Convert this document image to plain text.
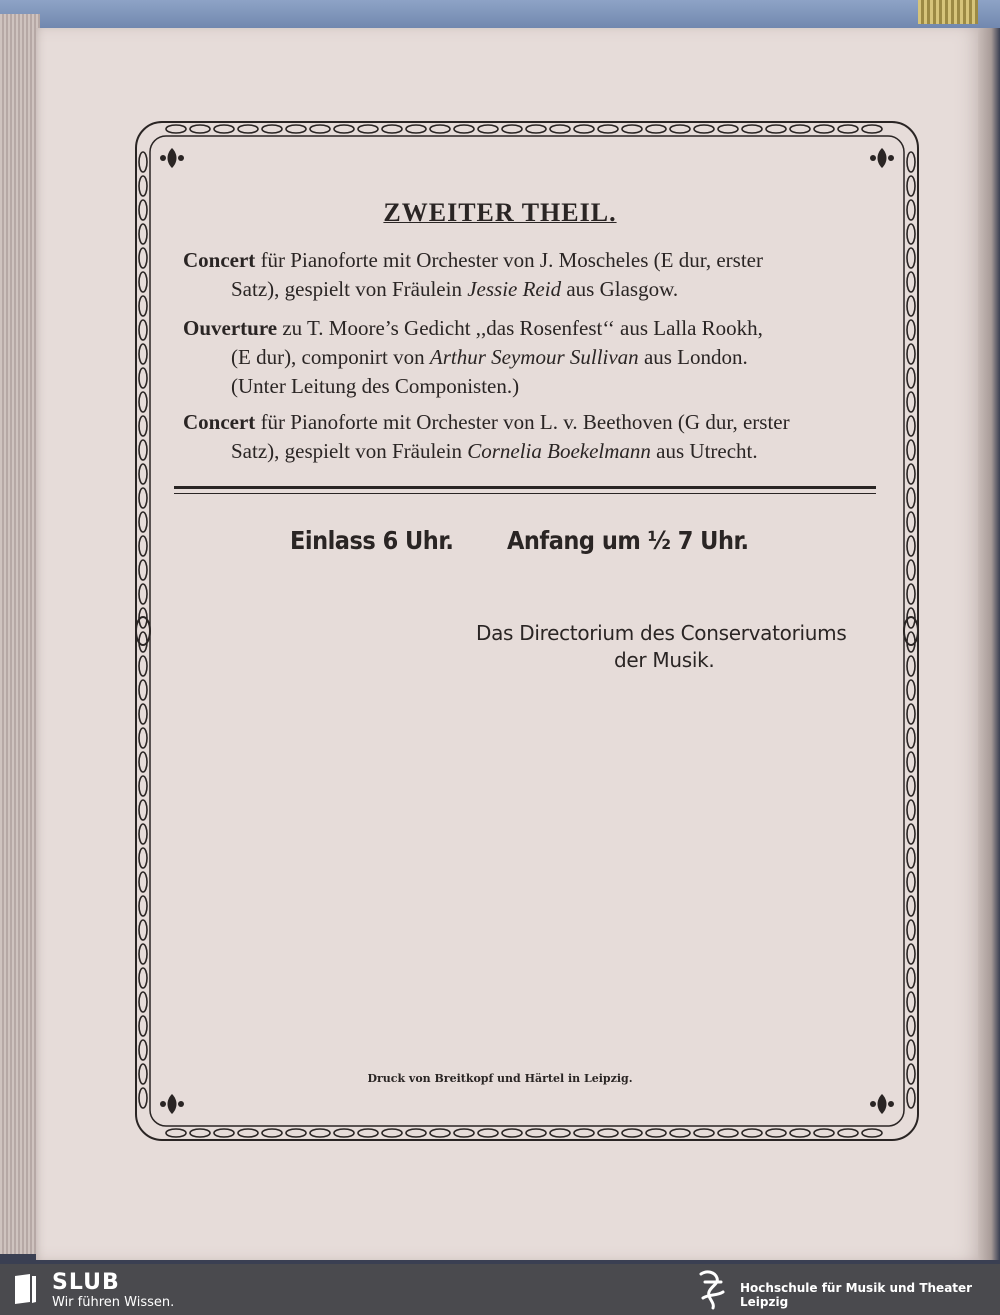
ZWEITER THEIL.
Concert für Pianoforte mit Orchester von J. Moscheles (E dur, erster
Satz), gespielt von Fräulein Jessie Reid aus Glasgow.
Ouverture zu T. Moore’s Gedicht ,,das Rosenfest‘‘ aus Lalla Rookh,
(E dur), componirt von Arthur Seymour Sullivan aus London.
(Unter Leitung des Componisten.)
Concert für Pianoforte mit Orchester von L. v. Beethoven (G dur, erster
Satz), gespielt von Fräulein Cornelia Boekelmann aus Utrecht.
Einlass 6 Uhr. Anfang um ½ 7 Uhr.
Das Directorium des Conservatoriums
der Musik.
Druck von Breitkopf und Härtel in Leipzig.
SLUB
Wir führen Wissen.
Hochschule für Musik und Theater Leipzig
